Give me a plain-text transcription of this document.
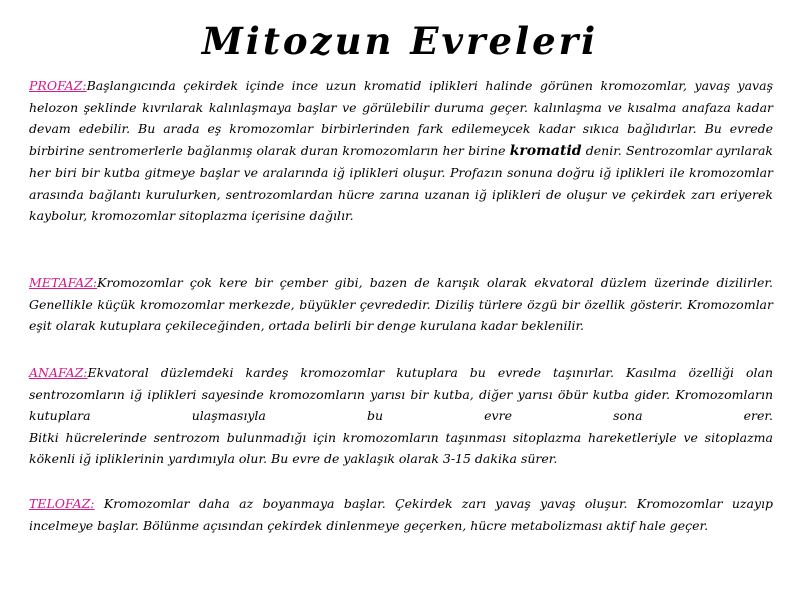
Mitozun Evreleri

PROFAZ:Başlangıcında çekirdek içinde ince uzun kromatid iplikleri halinde görünen kromozomlar, yavaş yavaş helozon şeklinde kıvrılarak kalınlaşmaya başlar ve görülebilir duruma geçer. kalınlaşma ve kısalma anafaza kadar devam edebilir. Bu arada eş kromozomlar birbirlerinden fark edilemeycek kadar sıkıca bağlıdırlar. Bu evrede birbirine sentromerlerle bağlanmış olarak duran kromozomların her birine kromatid denir. Sentrozomlar ayrılarak her biri bir kutba gitmeye başlar ve aralarında iğ iplikleri oluşur. Profazın sonuna doğru iğ iplikleri ile kromozomlar arasında bağlantı kurulurken, sentrozomlardan hücre zarına uzanan iğ iplikleri de oluşur ve çekirdek zarı eriyerek kaybolur, kromozomlar sitoplazma içerisine dağılır.

METAFAZ:Kromozomlar çok kere bir çember gibi, bazen de karışık olarak ekvatoral düzlem üzerinde dizilirler. Genellikle küçük kromozomlar merkezde, büyükler çevrededir. Diziliş türlere özgü bir özellik gösterir. Kromozomlar eşit olarak kutuplara çekileceğinden, ortada belirli bir denge kurulana kadar beklenilir.

ANAFAZ:Ekvatoral düzlemdeki kardeş kromozomlar kutuplara bu evrede taşınırlar. Kasılma özelliği olan sentrozomların iğ iplikleri sayesinde kromozomların yarısı bir kutba, diğer yarısı öbür kutba gider. Kromozomların kutuplara ulaşmasıyla bu evre sona erer.
Bitki hücrelerinde sentrozom bulunmadığı için kromozomların taşınması sitoplazma hareketleriyle ve sitoplazma kökenli iğ ipliklerinin yardımıyla olur. Bu evre de yaklaşık olarak 3-15 dakika sürer.

TELOFAZ: Kromozomlar daha az boyanmaya başlar. Çekirdek zarı yavaş yavaş oluşur. Kromozomlar uzayıp incelmeye başlar. Bölünme açısından çekirdek dinlenmeye geçerken, hücre metabolizması aktif hale geçer.
